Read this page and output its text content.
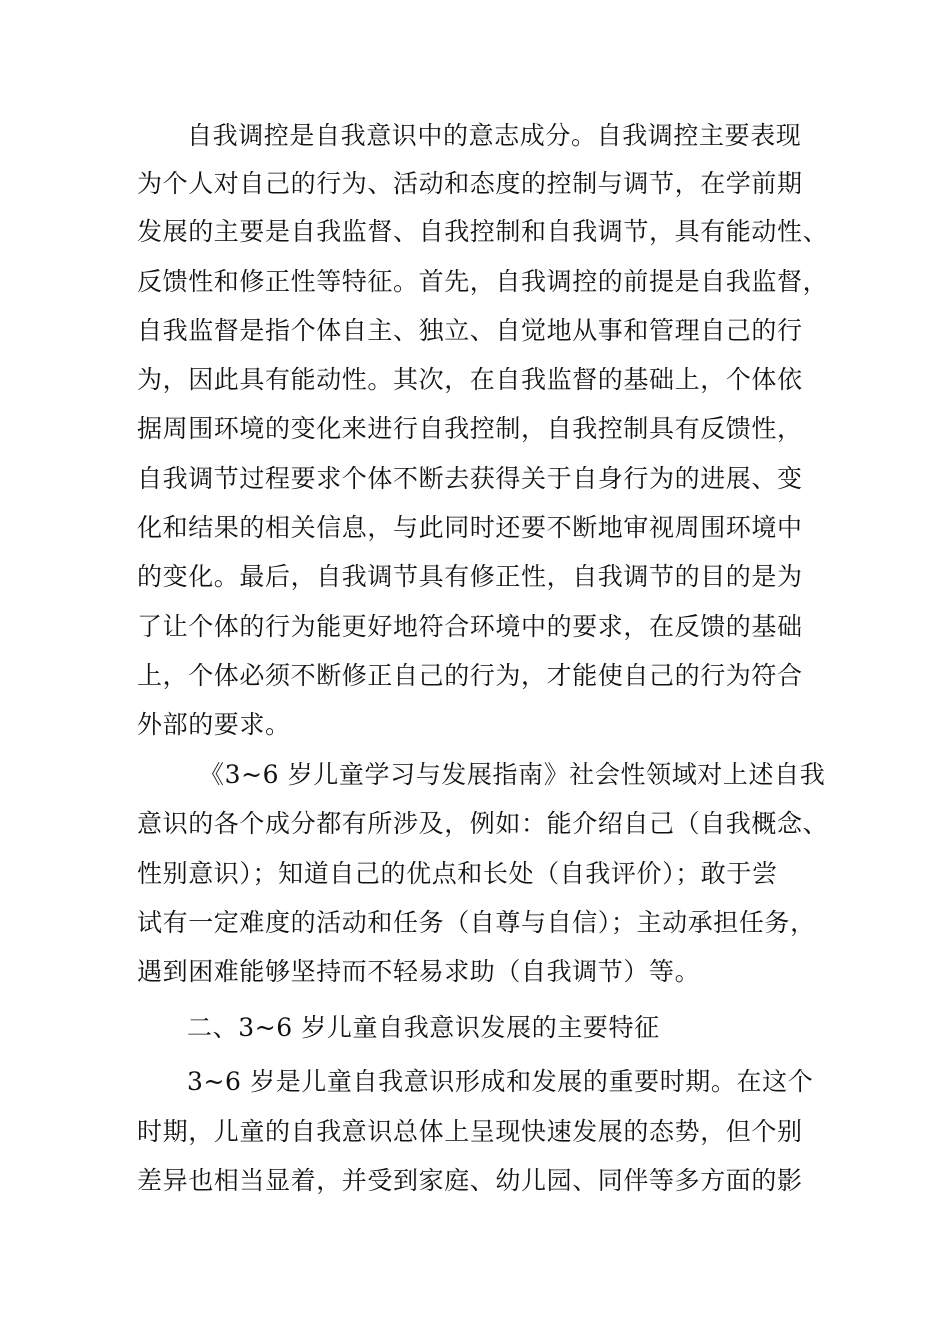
自我调控是自我意识中的意志成分。自我调控主要表现
为个人对自己的行为、活动和态度的控制与调节，在学前期
发展的主要是自我监督、自我控制和自我调节，具有能动性、
反馈性和修正性等特征。首先，自我调控的前提是自我监督，
自我监督是指个体自主、独立、自觉地从事和管理自己的行
为，因此具有能动性。其次，在自我监督的基础上，个体依
据周围环境的变化来进行自我控制，自我控制具有反馈性，
自我调节过程要求个体不断去获得关于自身行为的进展、变
化和结果的相关信息，与此同时还要不断地审视周围环境中
的变化。最后，自我调节具有修正性，自我调节的目的是为
了让个体的行为能更好地符合环境中的要求，在反馈的基础
上，个体必须不断修正自己的行为，才能使自己的行为符合
外部的要求。
《3~6 岁儿童学习与发展指南》社会性领域对上述自我
意识的各个成分都有所涉及，例如：能介绍自己（自我概念、
性别意识）；知道自己的优点和长处（自我评价）；敢于尝
试有一定难度的活动和任务（自尊与自信）；主动承担任务，
遇到困难能够坚持而不轻易求助（自我调节）等。
二、3~6 岁儿童自我意识发展的主要特征
3~6 岁是儿童自我意识形成和发展的重要时期。在这个
时期，儿童的自我意识总体上呈现快速发展的态势，但个别
差异也相当显着，并受到家庭、幼儿园、同伴等多方面的影
